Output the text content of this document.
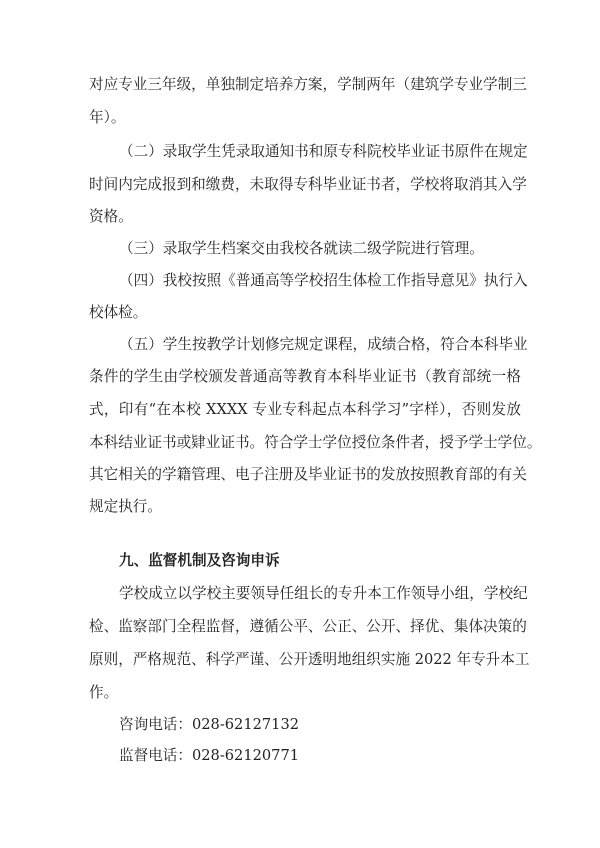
对应专业三年级，单独制定培养方案，学制两年（建筑学专业学制三

年）。

（二）录取学生凭录取通知书和原专科院校毕业证书原件在规定

时间内完成报到和缴费，未取得专科毕业证书者，学校将取消其入学

资格。

（三）录取学生档案交由我校各就读二级学院进行管理。

（四）我校按照《普通高等学校招生体检工作指导意见》执行入

校体检。

（五）学生按教学计划修完规定课程，成绩合格，符合本科毕业

条件的学生由学校颁发普通高等教育本科毕业证书（教育部统一格

式，印有“在本校 XXXX 专业专科起点本科学习”字样），否则发放

本科结业证书或肄业证书。符合学士学位授位条件者，授予学士学位。

其它相关的学籍管理、电子注册及毕业证书的发放按照教育部的有关

规定执行。

九、监督机制及咨询申诉

学校成立以学校主要领导任组长的专升本工作领导小组，学校纪

检、监察部门全程监督，遵循公平、公正、公开、择优、集体决策的

原则，严格规范、科学严谨、公开透明地组织实施 2022 年专升本工

作。

咨询电话：028-62127132

监督电话：028-62120771
